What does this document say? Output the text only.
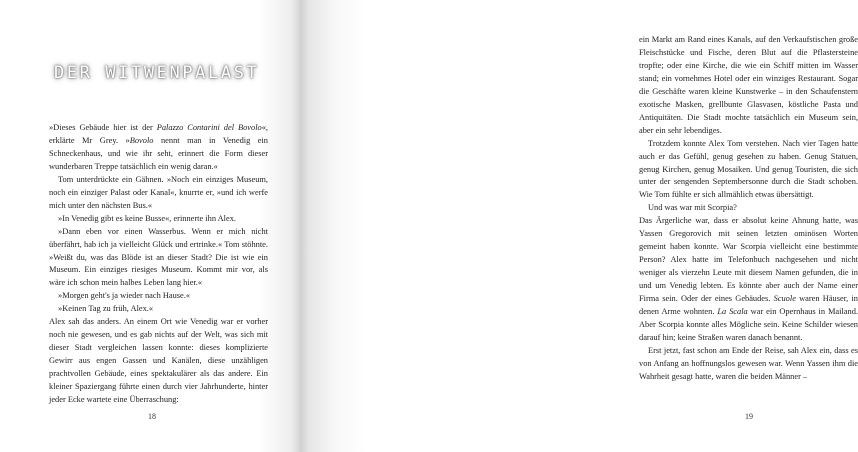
DER WITWENPALAST

»Dieses Gebäude hier ist der Palazzo Contarini del Bovolo«, erklärte Mr Grey. »Bovolo nennt man in Venedig ein Schneckenhaus, und wie ihr seht, erinnert die Form dieser wunderbaren Treppe tatsächlich ein wenig daran.«

Tom unterdrückte ein Gähnen. »Noch ein einziges Museum, noch ein einziger Palast oder Kanal«, knurrte er, »und ich werfe mich unter den nächsten Bus.«

»In Venedig gibt es keine Busse«, erinnerte ihn Alex.

»Dann eben vor einen Wasserbus. Wenn er mich nicht überfährt, hab ich ja vielleicht Glück und ertrinke.« Tom stöhnte. »Weißt du, was das Blöde ist an dieser Stadt? Die ist wie ein Museum. Ein einziges riesiges Museum. Kommt mir vor, als wäre ich schon mein halbes Leben lang hier.«

»Morgen geht's ja wieder nach Hause.«

»Keinen Tag zu früh, Alex.«

Alex sah das anders. An einem Ort wie Venedig war er vorher noch nie gewesen, und es gab nichts auf der Welt, was sich mit dieser Stadt vergleichen lassen konnte: dieses komplizierte Gewirr aus engen Gassen und Kanälen, diese unzähligen prachtvollen Gebäude, eines spektakulärer als das andere. Ein kleiner Spaziergang führte einen durch vier Jahrhunderte, hinter jeder Ecke wartete eine Überraschung:

18

ein Markt am Rand eines Kanals, auf den Verkaufstischen große Fleischstücke und Fische, deren Blut auf die Pflastersteine tropfte; oder eine Kirche, die wie ein Schiff mitten im Wasser stand; ein vornehmes Hotel oder ein winziges Restaurant. Sogar die Geschäfte waren kleine Kunstwerke – in den Schaufenstern exotische Masken, grellbunte Glasvasen, köstliche Pasta und Antiquitäten. Die Stadt mochte tatsächlich ein Museum sein, aber ein sehr lebendiges.

Trotzdem konnte Alex Tom verstehen. Nach vier Tagen hatte auch er das Gefühl, genug gesehen zu haben. Genug Statuen, genug Kirchen, genug Mosaiken. Und genug Touristen, die sich unter der sengenden Septembersonne durch die Stadt schoben. Wie Tom fühlte er sich allmählich etwas übersättigt.

Und was war mit Scorpia?

Das Ärgerliche war, dass er absolut keine Ahnung hatte, was Yassen Gregorovich mit seinen letzten ominösen Worten gemeint haben konnte. War Scorpia vielleicht eine bestimmte Person? Alex hatte im Telefonbuch nachgesehen und nicht weniger als vierzehn Leute mit diesem Namen gefunden, die in und um Venedig lebten. Es könnte aber auch der Name einer Firma sein. Oder der eines Gebäudes. Scuole waren Häuser, in denen Arme wohnten. La Scala war ein Opernhaus in Mailand. Aber Scorpia konnte alles Mögliche sein. Keine Schilder wiesen darauf hin; keine Straßen waren danach benannt.

Erst jetzt, fast schon am Ende der Reise, sah Alex ein, dass es von Anfang an hoffnungslos gewesen war. Wenn Yassen ihm die Wahrheit gesagt hatte, waren die beiden Männer –

19
